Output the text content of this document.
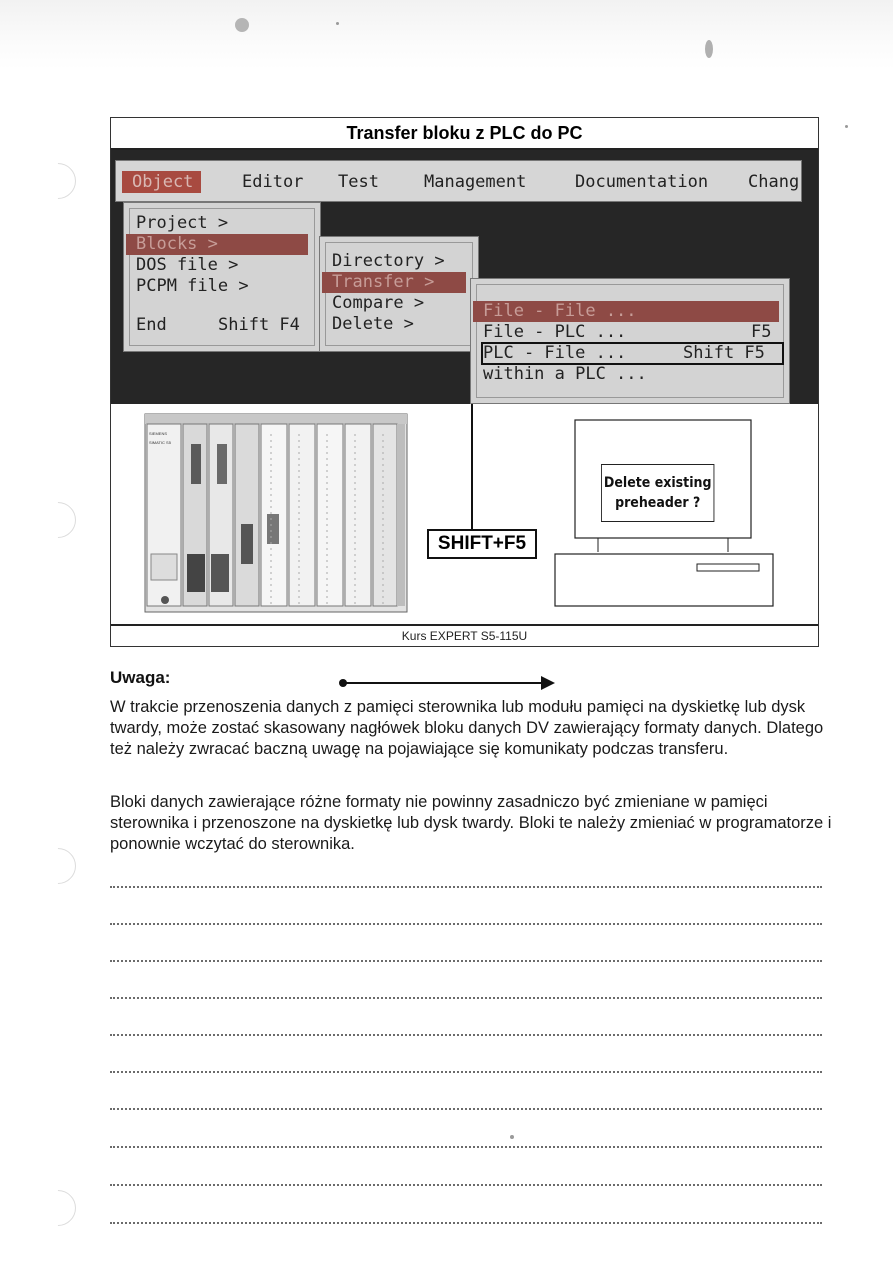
Transfer bloku z PLC do PC
Object	Editor Test	Management	Documentation Chang
Project >
Blocks >
DOS file >
PCPM file >
End	Shift F4
Directory >
Transfer >
Compare >
Delete >
File - File ...
File - PLC ...	F5
PLC - File ...	Shift F5
within a PLC ...
SIEMENS
SIMATIC S5
Delete existing
preheader ?
SHIFT+F5
Kurs EXPERT S5-115U
Uwaga:
W trakcie przenoszenia danych z pamięci sterownika lub modułu pamięci na dyskietkę lub dysk twardy, może zostać skasowany nagłówek bloku danych DV zawierający formaty danych. Dlatego też należy zwracać baczną uwagę na pojawiające się komunikaty podczas transferu.
Bloki danych zawierające różne formaty nie powinny zasadniczo być zmieniane w pamięci sterownika i przenoszone na dyskietkę lub dysk twardy. Bloki te należy zmieniać w programatorze i ponownie wczytać do sterownika.
